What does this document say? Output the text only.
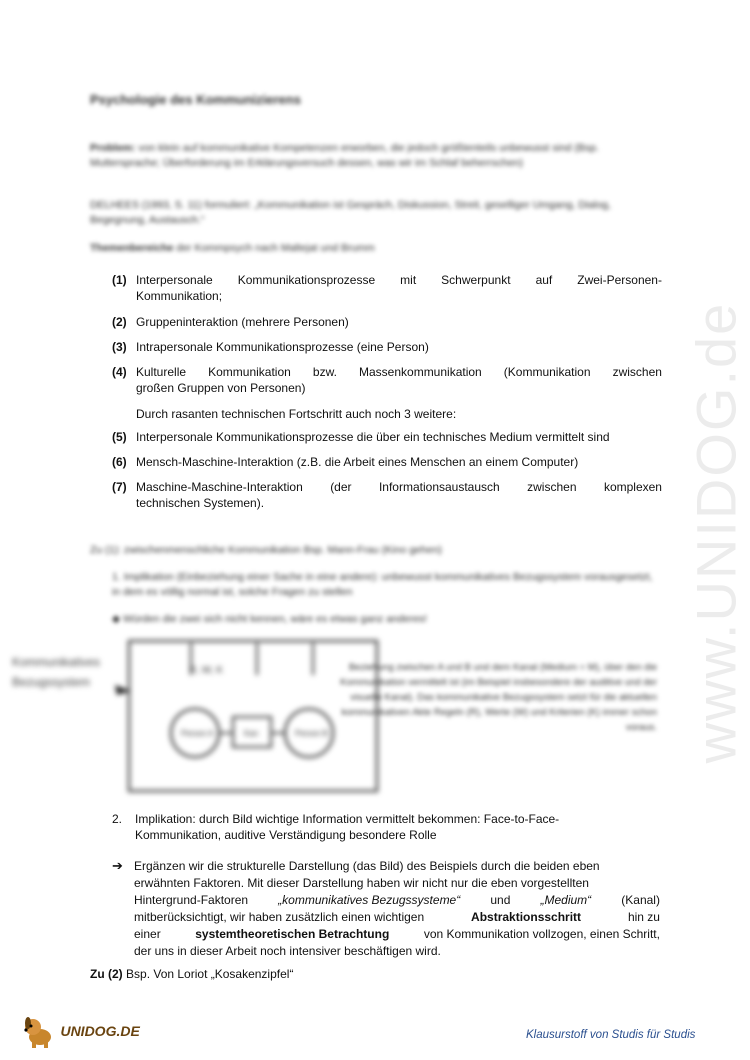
www.UNIDOG.de
Psychologie des Kommunizierens
Problem: von klein auf kommunikative Kompetenzen erworben, die jedoch größtenteils unbewusst sind (Bsp. Muttersprache; Überforderung im Erklärungsversuch dessen, was wir im Schlaf beherrschen)
DELHEES (1993, S. 11) formuliert: „Kommunikation ist Gespräch, Diskussion, Streit, geselliger Umgang, Dialog, Begegnung, Austausch.“
Themenbereiche der Kommpsych nach Maltejat und Brumm
(1) Interpersonale Kommunikationsprozesse mit Schwerpunkt auf Zwei-Personen-
Kommunikation;
(2) Gruppeninteraktion (mehrere Personen)
(3) Intrapersonale Kommunikationsprozesse (eine Person)
(4) Kulturelle Kommunikation bzw. Massenkommunikation (Kommunikation zwischen
großen Gruppen von Personen)
Durch rasanten technischen Fortschritt auch noch 3 weitere:
(5) Interpersonale Kommunikationsprozesse die über ein technisches Medium vermittelt sind
(6) Mensch-Maschine-Interaktion (z.B. die Arbeit eines Menschen an einem Computer)
(7) Maschine-Maschine-Interaktion (der Informationsaustausch zwischen komplexen
technischen Systemen).
Zu (1): zwischenmenschliche Kommunikation Bsp. Mann-Frau (Kino gehen)
1. Implikation (Einbeziehung einer Sache in eine andere): unbewusst kommunikatives Bezugssystem vorausgesetzt, in dem es völlig normal ist, solche Fragen zu stellen
◆ Würden die zwei sich nicht kennen, wäre es etwas ganz anderes!
Kommunikatives Bezugssystem
R, W, K
Person A	Person B
Kan
Beziehung zwischen A und B und dem Kanal (Medium = M), über den die Kommunikation vermittelt ist (im Beispiel insbesondere der auditive und der visuelle Kanal). Das kommunikative Bezugssystem setzt für die aktuellen kommunikativen Akte Regeln (R), Werte (W) und Kriterien (K) immer schon voraus.
2. Implikation: durch Bild wichtige Information vermittelt bekommen: Face-to-Face-
Kommunikation, auditive Verständigung besondere Rolle
➔ Ergänzen wir die strukturelle Darstellung (das Bild) des Beispiels durch die beiden eben
erwähnten Faktoren. Mit dieser Darstellung haben wir nicht nur die eben vorgestellten
Hintergrund-Faktoren	„kommunikatives Bezugssysteme“	und	„Medium“	(Kanal)
mitberücksichtigt, wir haben zusätzlich einen wichtigen	Abstraktionsschritt	hin zu
einer	systemtheoretischen Betrachtung	von Kommunikation vollzogen, einen Schritt,
der uns in dieser Arbeit noch intensiver beschäftigen wird.
Zu (2) Bsp. Von Loriot „Kosakenzipfel“
UNIDOG.DE	Klausurstoff von Studis für Studis
